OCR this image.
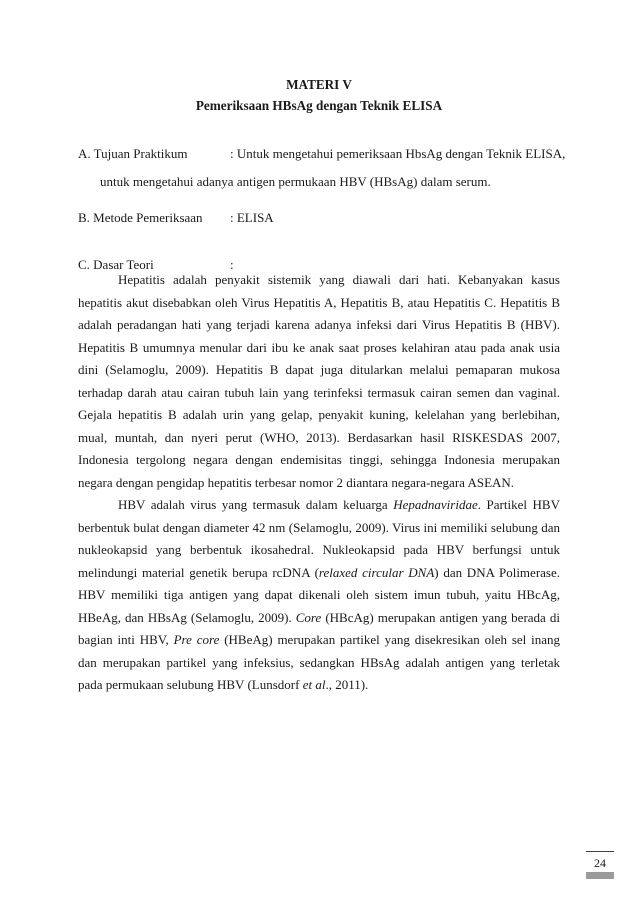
MATERI V
Pemeriksaan HBsAg dengan Teknik ELISA
A. Tujuan Praktikum	: Untuk mengetahui pemeriksaan HbsAg dengan Teknik ELISA,
untuk mengetahui adanya antigen permukaan HBV (HBsAg) dalam serum.
B. Metode Pemeriksaan : ELISA
C. Dasar Teori	:

Hepatitis adalah penyakit sistemik yang diawali dari hati. Kebanyakan kasus hepatitis akut disebabkan oleh Virus Hepatitis A, Hepatitis B, atau Hepatitis C. Hepatitis B adalah peradangan hati yang terjadi karena adanya infeksi dari Virus Hepatitis B (HBV). Hepatitis B umumnya menular dari ibu ke anak saat proses kelahiran atau pada anak usia dini (Selamoglu, 2009). Hepatitis B dapat juga ditularkan melalui pemaparan mukosa terhadap darah atau cairan tubuh lain yang terinfeksi termasuk cairan semen dan vaginal. Gejala hepatitis B adalah urin yang gelap, penyakit kuning, kelelahan yang berlebihan, mual, muntah, dan nyeri perut (WHO, 2013). Berdasarkan hasil RISKESDAS 2007, Indonesia tergolong negara dengan endemisitas tinggi, sehingga Indonesia merupakan negara dengan pengidap hepatitis terbesar nomor 2 diantara negara-negara ASEAN.

HBV adalah virus yang termasuk dalam keluarga Hepadnaviridae. Partikel HBV berbentuk bulat dengan diameter 42 nm (Selamoglu, 2009). Virus ini memiliki selubung dan nukleokapsid yang berbentuk ikosahedral. Nukleokapsid pada HBV berfungsi untuk melindungi material genetik berupa rcDNA (relaxed circular DNA) dan DNA Polimerase. HBV memiliki tiga antigen yang dapat dikenali oleh sistem imun tubuh, yaitu HBcAg, HBeAg, dan HBsAg (Selamoglu, 2009). Core (HBcAg) merupakan antigen yang berada di bagian inti HBV, Pre core (HBeAg) merupakan partikel yang disekresikan oleh sel inang dan merupakan partikel yang infeksius, sedangkan HBsAg adalah antigen yang terletak pada permukaan selubung HBV (Lunsdorf et al., 2011).

24
